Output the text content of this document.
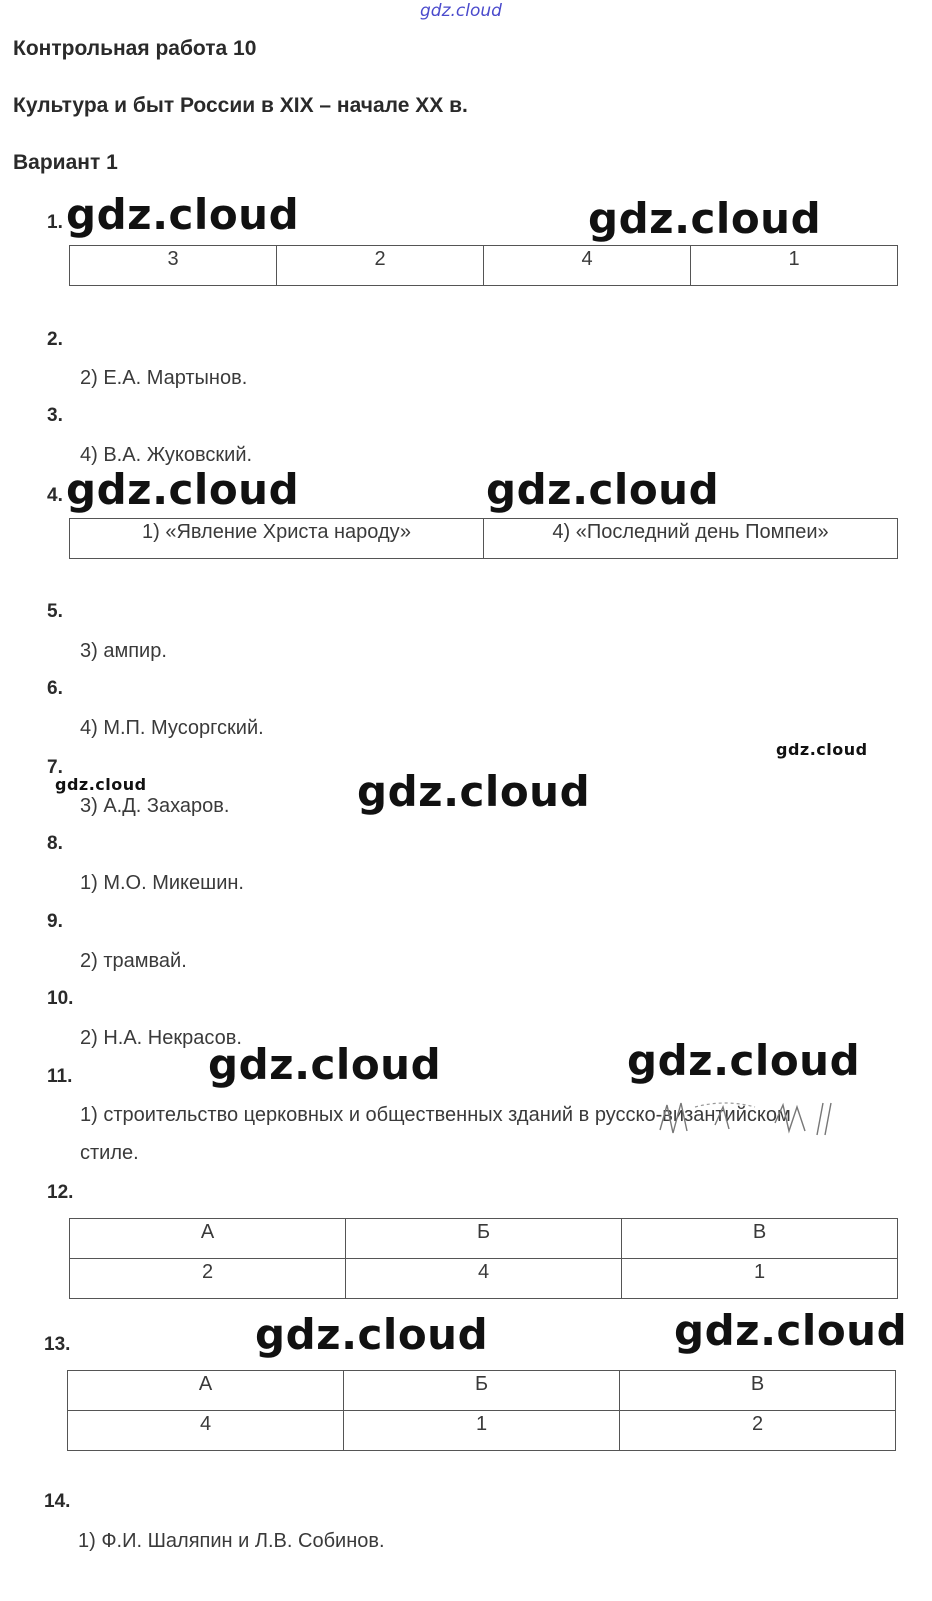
gdz.cloud
Контрольная работа 10
Культура и быт России в XIX – начале XX в.
Вариант 1
1. gdz.cloud	gdz.cloud
3	2	4	1
2.
2) Е.А. Мартынов.
3.
4) В.А. Жуковский.
4. gdz.cloud	gdz.cloud
1) «Явление Христа народу»	4) «Последний день Помпеи»
5.
3) ампир.
6.
4) М.П. Мусоргский.
gdz.cloud
7.
gdz.cloud
3) А.Д. Захаров.	gdz.cloud
8.
1) М.О. Микешин.
9.
2) трамвай.
10.
2) Н.А. Некрасов.
11.	gdz.cloud	gdz.cloud
1) строительство церковных и общественных зданий в русско-византийском
стиле.
12.
А	Б	В
2	4	1
13.	gdz.cloud	gdz.cloud
А	Б	В
4	1	2
14.
1) Ф.И. Шаляпин и Л.В. Собинов.
